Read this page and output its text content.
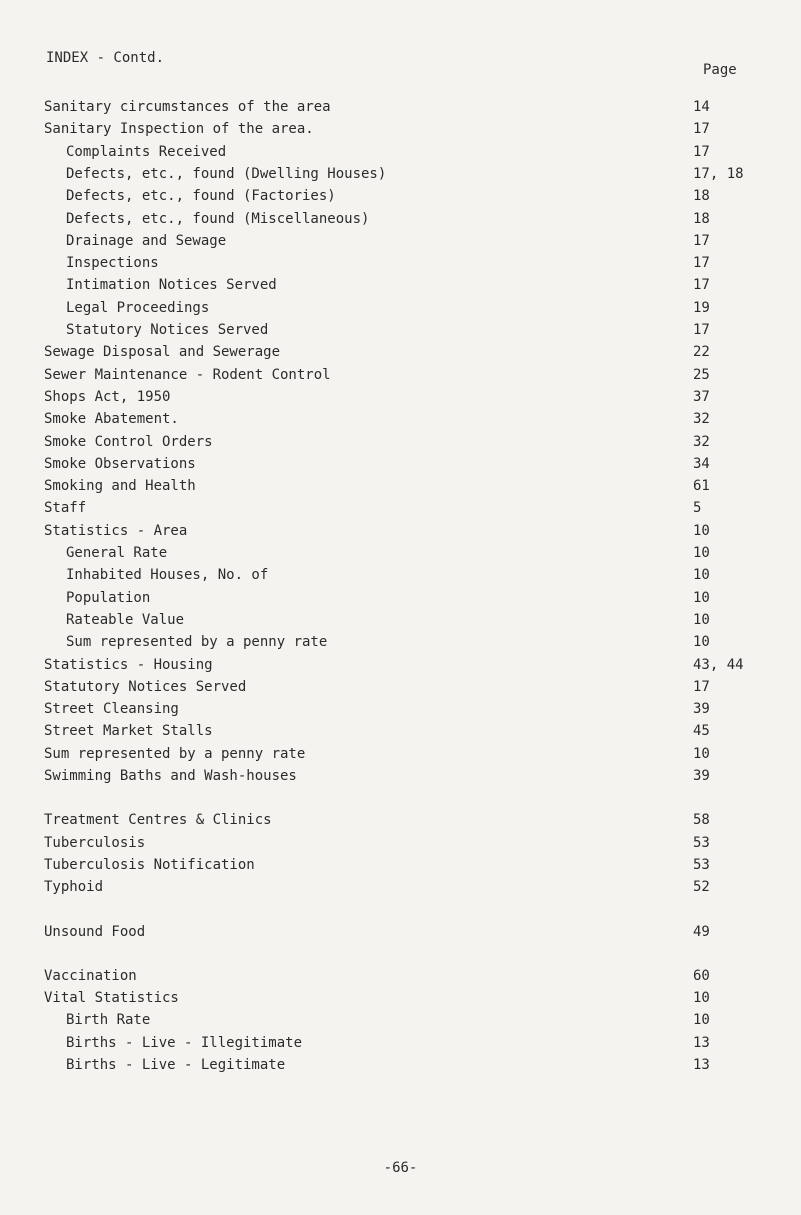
INDEX - Contd.
Page
Sanitary circumstances of the area	14
Sanitary Inspection of the area.	17
Complaints Received	17
Defects, etc., found (Dwelling Houses)	17, 18
Defects, etc., found (Factories)	18
Defects, etc., found (Miscellaneous)	18
Drainage and Sewage	17
Inspections	17
Intimation Notices Served	17
Legal Proceedings	19
Statutory Notices Served	17
Sewage Disposal and Sewerage	22
Sewer Maintenance - Rodent Control	25
Shops Act, 1950	37
Smoke Abatement.	32
Smoke Control Orders	32
Smoke Observations	34
Smoking and Health	61
Staff	5
Statistics - Area	10
General Rate	10
Inhabited Houses, No. of	10
Population	10
Rateable Value	10
Sum represented by a penny rate	10
Statistics - Housing	43, 44
Statutory Notices Served	17
Street Cleansing	39
Street Market Stalls	45
Sum represented by a penny rate	10
Swimming Baths and Wash-houses	39
Treatment Centres & Clinics	58
Tuberculosis	53
Tuberculosis Notification	53
Typhoid	52
Unsound Food	49
Vaccination	60
Vital Statistics	10
Birth Rate	10
Births - Live - Illegitimate	13
Births - Live - Legitimate	13
-66-
